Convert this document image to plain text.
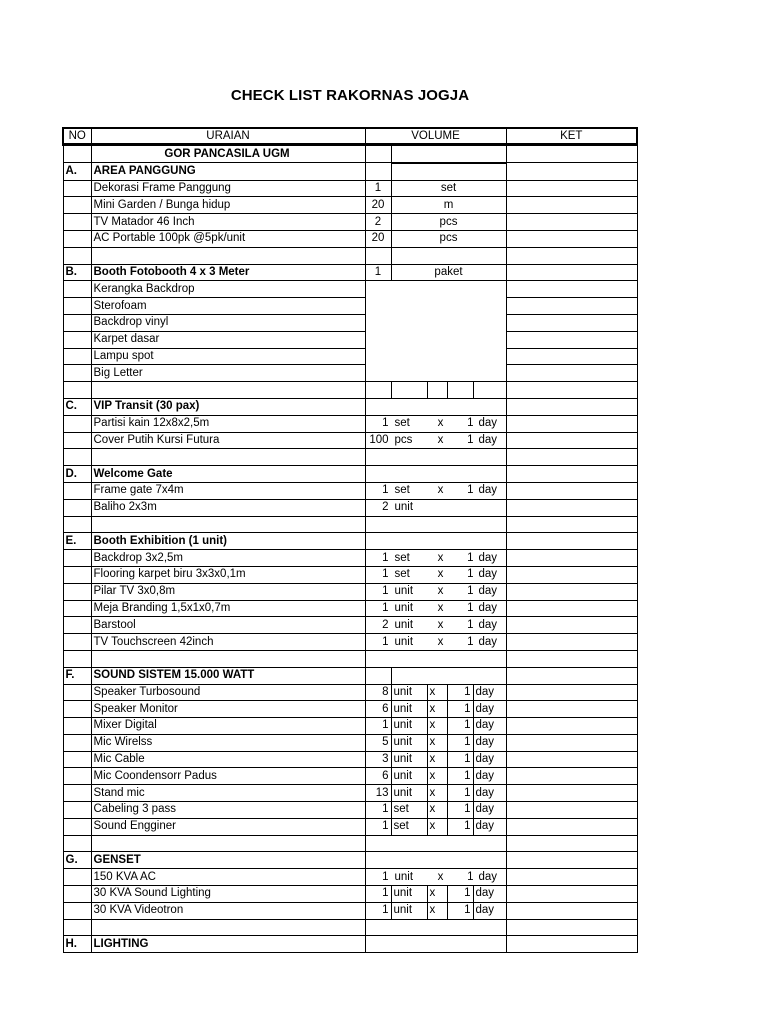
CHECK LIST RAKORNAS JOGJA
NO	URAIAN	VOLUME					KET
	GOR PANCASILA UGM						
A.	AREA PANGGUNG						
	Dekorasi Frame Panggung	1	set				
	Mini Garden / Bunga hidup	20	m				
	TV Matador 46 Inch	2	pcs				
	AC Portable 100pk @5pk/unit	20	pcs				

B.	Booth Fotobooth 4 x 3 Meter	1	paket				
	Kerangka Backdrop						
	Sterofoam						
	Backdrop vinyl						
	Karpet dasar						
	Lampu spot						
	Big Letter						

C.	VIP Transit (30 pax)						
	Partisi kain 12x8x2,5m	1 set x 1 day					

	Cover Putih Kursi Futura	100 pcs x 1 day					

D.	Welcome Gate						
	Frame gate 7x4m	1 set x 1 day					

	Baliho 2x3m	2 unit					

E.	Booth Exhibition (1 unit)						
	Backdrop 3x2,5m	1 set x 1 day					

	Flooring karpet biru 3x3x0,1m	1 set x 1 day					

	Pilar TV 3x0,8m	1 unit x 1 day					

	Meja Branding 1,5x1x0,7m	1 unit x 1 day					

	Barstool	2 unit x 1 day					

	TV Touchscreen 42inch	1 unit x 1 day					

F.	SOUND SISTEM 15.000 WATT						
	Speaker Turbosound	8	unit	x	1	day	
	Speaker Monitor	6	unit	x	1	day	
	Mixer Digital	1	unit	x	1	day	
	Mic Wirelss	5	unit	x	1	day	
	Mic Cable	3	unit	x	1	day	
	Mic Coondensorr Padus	6	unit	x	1	day	
	Stand mic	13	unit	x	1	day	
	Cabeling 3 pass	1	set	x	1	day	
	Sound Engginer	1	set	x	1	day	

G.	GENSET						
	150 KVA AC	1 unit x 1 day					

	30 KVA Sound Lighting	1	unit	x	1	day	
	30 KVA Videotron	1	unit	x	1	day	

H.	LIGHTING						
